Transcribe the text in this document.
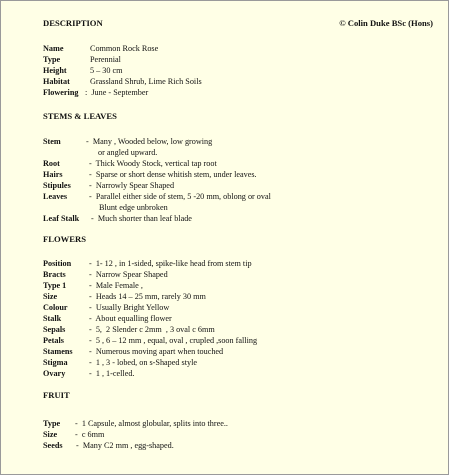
DESCRIPTION	© Colin Duke BSc (Hons)
Name	Common Rock Rose
Type	Perennial
Height	5 – 30 cm
Habitat	Grassland Shrub, Lime Rich Soils
Flowering :  June - September
STEMS & LEAVES
Stem	-  Many , Wooded below, low growing
or angled upward.
Root	-  Thick Woody Stock, vertical tap root
Hairs	-  Sparse or short dense whitish stem, under leaves.
Stipules	-  Narrowly Spear Shaped
Leaves	-  Parallel either side of stem, 5 -20 mm, oblong or oval
Blunt edge unbroken
Leaf Stalk	-  Much shorter than leaf blade
FLOWERS
Position	-  1- 12 , in 1-sided, spike-like head from stem tip
Bracts	-  Narrow Spear Shaped
Type 1	-  Male Female ,
Size	-  Heads 14 – 25 mm, rarely 30 mm
Colour	-  Usually Bright Yellow
Stalk	-  About equalling flower
Sepals	-  5,  2 Slender c 2mm  , 3 oval c 6mm
Petals	-  5 , 6 – 12 mm , equal, oval , crupled ,soon falling
Stamens	-  Numerous moving apart when touched
Stigma	-  1 , 3 - lobed, on s-Shaped style
Ovary	-  1 , 1-celled.
FRUIT
Type	-  1 Capsule, almost globular, splits into three..
Size	-  c 6mm
Seeds	-  Many C2 mm , egg-shaped.
